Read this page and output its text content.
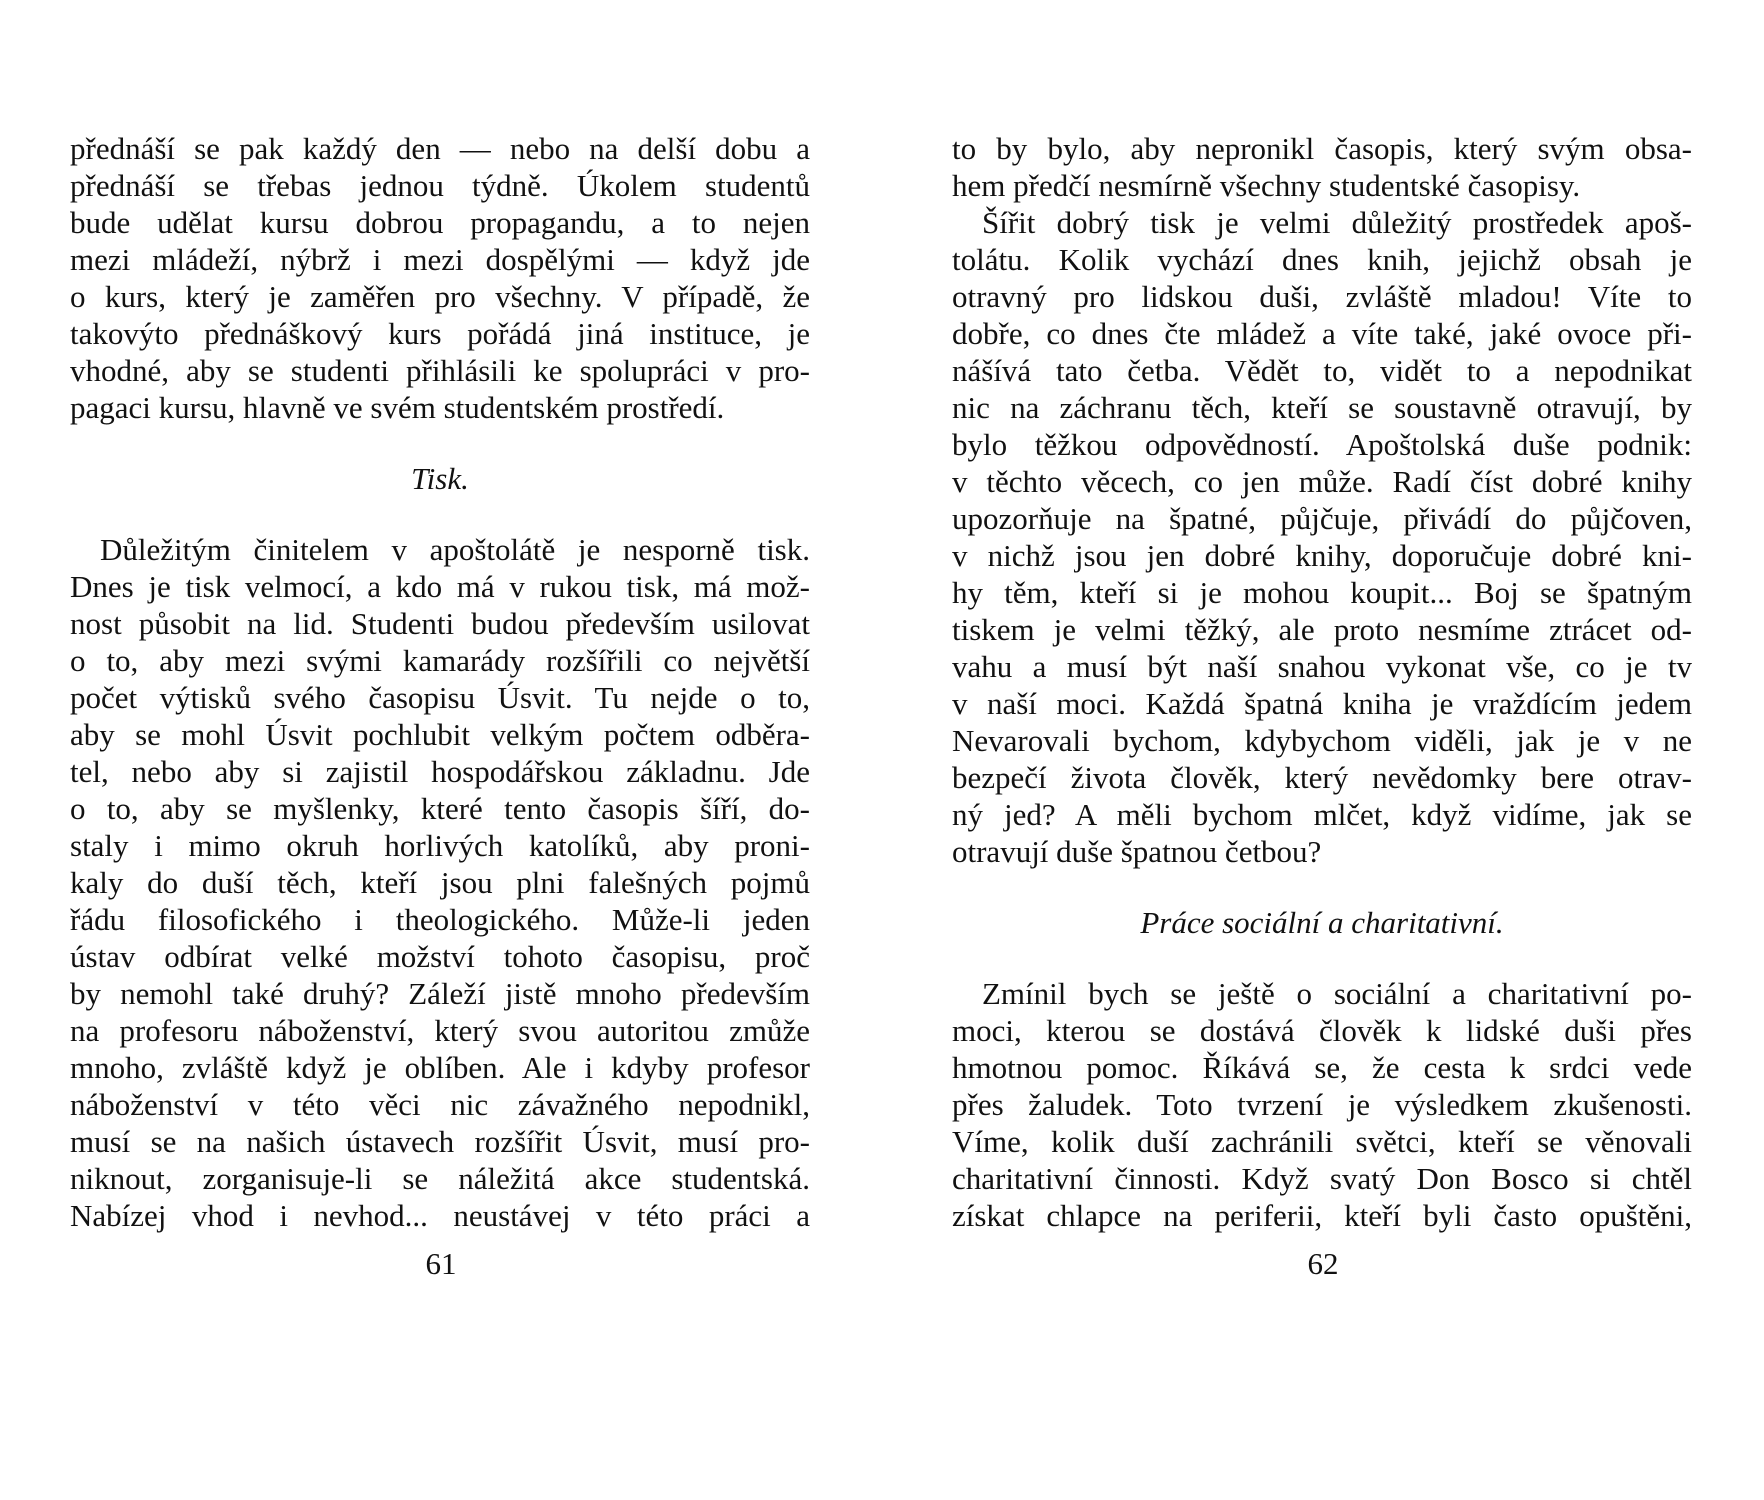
přednáší se pak každý den — nebo na delší dobu a
přednáší se třebas jednou týdně. Úkolem studentů
bude udělat kursu dobrou propagandu, a to nejen
mezi mládeží, nýbrž i mezi dospělými — když jde
o kurs, který je zaměřen pro všechny. V případě, že
takovýto přednáškový kurs pořádá jiná instituce, je
vhodné, aby se studenti přihlásili ke spolupráci v pro-
pagaci kursu, hlavně ve svém studentském prostředí.
Tisk.
Důležitým činitelem v apoštolátě je nesporně tisk.
Dnes je tisk velmocí, a kdo má v rukou tisk, má mož-
nost působit na lid. Studenti budou především usilovat
o to, aby mezi svými kamarády rozšířili co největší
počet výtisků svého časopisu Úsvit. Tu nejde o to,
aby se mohl Úsvit pochlubit velkým počtem odběra-
tel, nebo aby si zajistil hospodářskou základnu. Jde
o to, aby se myšlenky, které tento časopis šíří, do-
staly i mimo okruh horlivých katolíků, aby proni-
kaly do duší těch, kteří jsou plni falešných pojmů
řádu filosofického i theologického. Může-li jeden
ústav odbírat velké možství tohoto časopisu, proč
by nemohl také druhý? Záleží jistě mnoho především
na profesoru náboženství, který svou autoritou zmůže
mnoho, zvláště když je oblíben. Ale i kdyby profesor
náboženství v této věci nic závažného nepodnikl,
musí se na našich ústavech rozšířit Úsvit, musí pro-
niknout, zorganisuje-li se náležitá akce studentská.
Nabízej vhod i nevhod... neustávej v této práci a
61
to by bylo, aby nepronikl časopis, který svým obsa-
hem předčí nesmírně všechny studentské časopisy.
Šířit dobrý tisk je velmi důležitý prostředek apoš-
tolátu. Kolik vychází dnes knih, jejichž obsah je
otravný pro lidskou duši, zvláště mladou! Víte to
dobře, co dnes čte mládež a víte také, jaké ovoce při-
nášívá tato četba. Vědět to, vidět to a nepodnikat
nic na záchranu těch, kteří se soustavně otravují, by
bylo těžkou odpovědností. Apoštolská duše podnik:
v těchto věcech, co jen může. Radí číst dobré knihy
upozorňuje na špatné, půjčuje, přivádí do půjčoven,
v nichž jsou jen dobré knihy, doporučuje dobré kni-
hy těm, kteří si je mohou koupit... Boj se špatným
tiskem je velmi těžký, ale proto nesmíme ztrácet od-
vahu a musí být naší snahou vykonat vše, co je tv
v naší moci. Každá špatná kniha je vraždícím jedem
Nevarovali bychom, kdybychom viděli, jak je v ne
bezpečí života člověk, který nevědomky bere otrav-
ný jed? A měli bychom mlčet, když vidíme, jak se
otravují duše špatnou četbou?
Práce sociální a charitativní.
Zmínil bych se ještě o sociální a charitativní po-
moci, kterou se dostává člověk k lidské duši přes
hmotnou pomoc. Říkává se, že cesta k srdci vede
přes žaludek. Toto tvrzení je výsledkem zkušenosti.
Víme, kolik duší zachránili světci, kteří se věnovali
charitativní činnosti. Když svatý Don Bosco si chtěl
získat chlapce na periferii, kteří byli často opuštěni,
62
